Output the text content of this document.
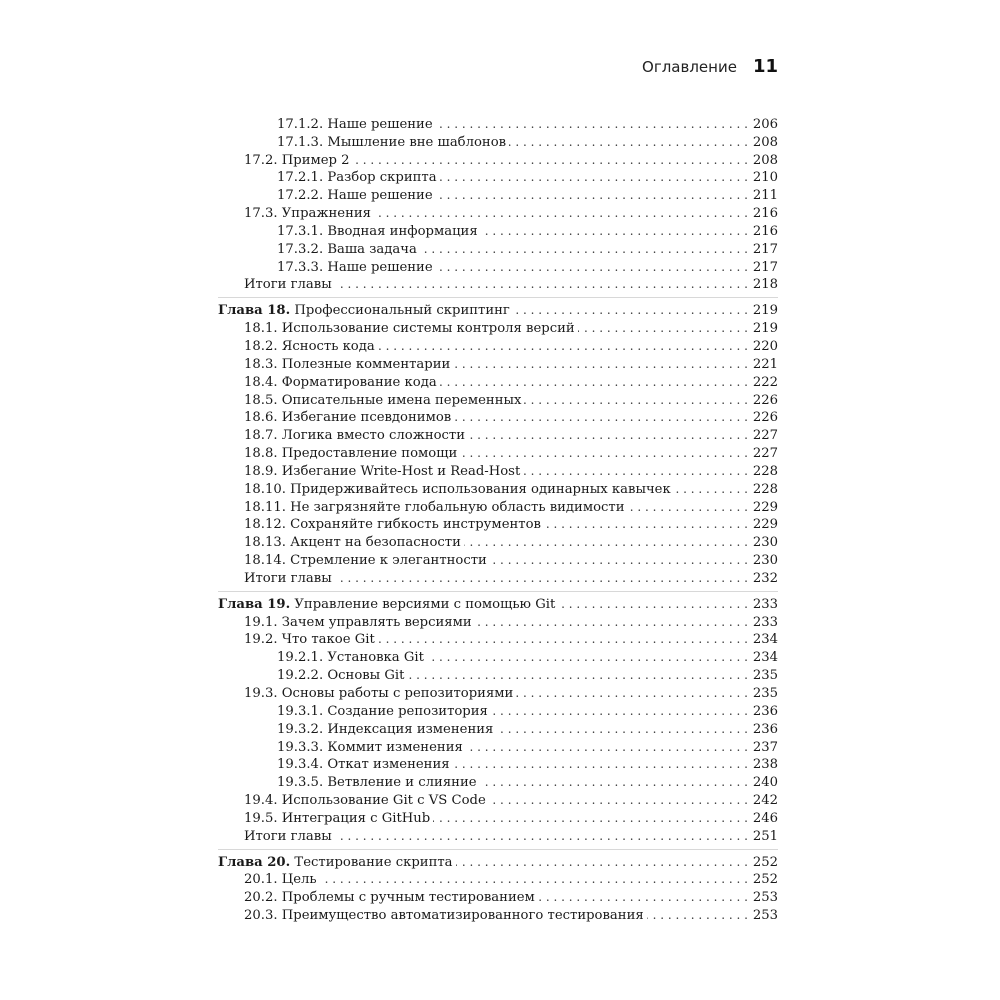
Оглавление 11
17.1.2. Наше решение . . .	206
17.1.3. Мышление вне шаблонов . . .	208
17.2. Пример 2 . . .	208
17.2.1. Разбор скрипта . . .	210
17.2.2. Наше решение . . .	211
17.3. Упражнения . . .	216
17.3.1. Вводная информация . . .	216
17.3.2. Ваша задача . . .	217
17.3.3. Наше решение . . .	217
Итоги главы . . .	218
Глава 18. Профессиональный скриптинг . . .	219
18.1. Использование системы контроля версий . . .	219
18.2. Ясность кода . . .	220
18.3. Полезные комментарии . . .	221
18.4. Форматирование кода . . .	222
18.5. Описательные имена переменных . . .	226
18.6. Избегание псевдонимов . . .	226
18.7. Логика вместо сложности . . .	227
18.8. Предоставление помощи . . .	227
18.9. Избегание Write-Host и Read-Host . . .	228
18.10. Придерживайтесь использования одинарных кавычек . . .	228
18.11. Не загрязняйте глобальную область видимости . . .	229
18.12. Сохраняйте гибкость инструментов . . .	229
18.13. Акцент на безопасности . . .	230
18.14. Стремление к элегантности . . .	230
Итоги главы . . .	232
Глава 19. Управление версиями с помощью Git . . .	233
19.1. Зачем управлять версиями . . .	233
19.2. Что такое Git . . .	234
19.2.1. Установка Git . . .	234
19.2.2. Основы Git . . .	235
19.3. Основы работы с репозиториями . . .	235
19.3.1. Создание репозитория . . .	236
19.3.2. Индексация изменения . . .	236
19.3.3. Коммит изменения . . .	237
19.3.4. Откат изменения . . .	238
19.3.5. Ветвление и слияние . . .	240
19.4. Использование Git с VS Code . . .	242
19.5. Интеграция с GitHub . . .	246
Итоги главы . . .	251
Глава 20. Тестирование скрипта . . .	252
20.1. Цель . . .	252
20.2. Проблемы с ручным тестированием . . .	253
20.3. Преимущество автоматизированного тестирования . . .	253
